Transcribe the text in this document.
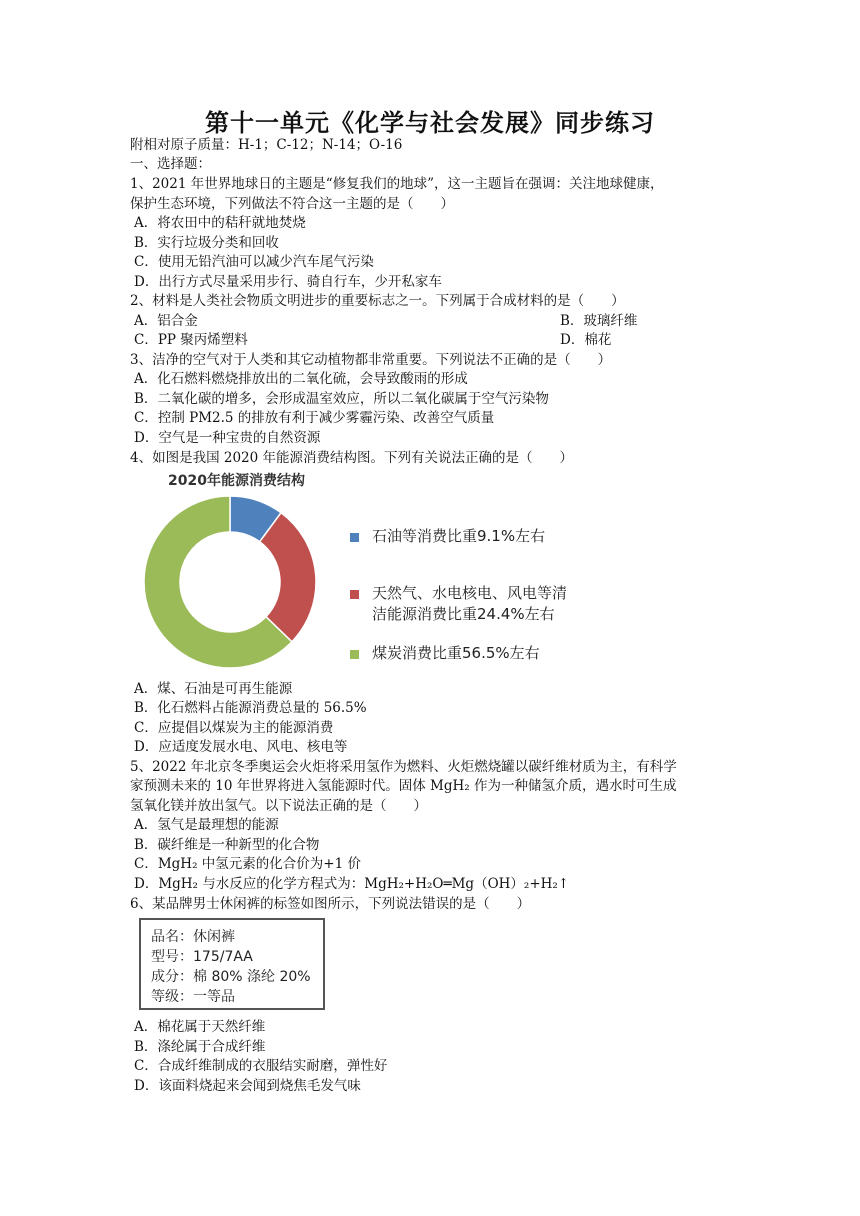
第十一单元《化学与社会发展》同步练习
附相对原子质量：H-1；C-12；N-14；O-16
一、选择题：
1、2021 年世界地球日的主题是“修复我们的地球”，这一主题旨在强调：关注地球健康，
保护生态环境，下列做法不符合这一主题的是（　　）
A．将农田中的秸秆就地焚烧
B．实行垃圾分类和回收
C．使用无铅汽油可以减少汽车尾气污染
D．出行方式尽量采用步行、骑自行车，少开私家车
2、材料是人类社会物质文明进步的重要标志之一。下列属于合成材料的是（　　）
A．铝合金	B．玻璃纤维
C．PP 聚丙烯塑料	D．棉花
3、洁净的空气对于人类和其它动植物都非常重要。下列说法不正确的是（　　）
A．化石燃料燃烧排放出的二氧化硫，会导致酸雨的形成
B．二氧化碳的增多，会形成温室效应，所以二氧化碳属于空气污染物
C．控制 PM2.5 的排放有利于减少雾霾污染、改善空气质量
D．空气是一种宝贵的自然资源
4、如图是我国 2020 年能源消费结构图。下列有关说法正确的是（　　）
2020年能源消费结构
石油等消费比重9.1%左右
天然气、水电核电、风电等清
洁能源消费比重24.4%左右
煤炭消费比重56.5%左右
A．煤、石油是可再生能源
B．化石燃料占能源消费总量的 56.5%
C．应提倡以煤炭为主的能源消费
D．应适度发展水电、风电、核电等
5、2022 年北京冬季奥运会火炬将采用氢作为燃料、火炬燃烧罐以碳纤维材质为主，有科学
家预测未来的 10 年世界将进入氢能源时代。固体 MgH₂ 作为一种储氢介质，遇水时可生成
氢氧化镁并放出氢气。以下说法正确的是（　　）
A．氢气是最理想的能源
B．碳纤维是一种新型的化合物
C．MgH₂ 中氢元素的化合价为+1 价
D．MgH₂ 与水反应的化学方程式为：MgH₂+H₂O═Mg（OH）₂+H₂↑
6、某品牌男士休闲裤的标签如图所示，下列说法错误的是（　　）
品名：休闲裤
型号：175/7AA
成分：棉 80% 涤纶 20%
等级：一等品
A．棉花属于天然纤维
B．涤纶属于合成纤维
C．合成纤维制成的衣服结实耐磨，弹性好
D．该面料烧起来会闻到烧焦毛发气味
